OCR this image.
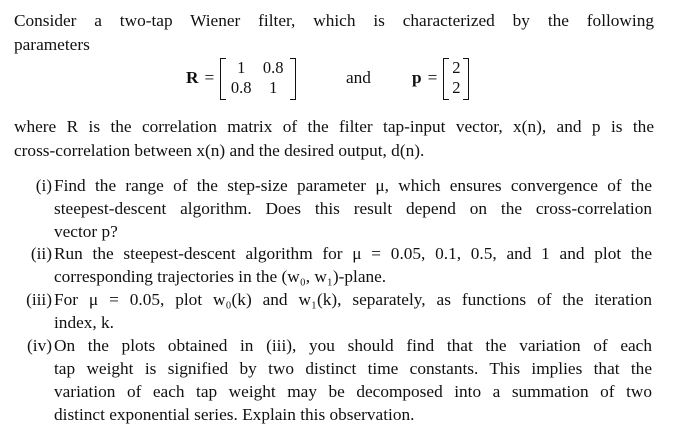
Consider a two-tap Wiener filter, which is characterized by the following
parameters
R =
1	0.8
0.8	1
and p =
2
2
where R is the correlation matrix of the filter tap-input vector, x(n), and p is the
cross-correlation between x(n) and the desired output, d(n).
(i) Find the range of the step-size parameter μ, which ensures convergence of the
steepest-descent algorithm. Does this result depend on the cross-correlation
vector p?
(ii) Run the steepest-descent algorithm for μ = 0.05, 0.1, 0.5, and 1 and plot the
corresponding trajectories in the (w₀, w₁)-plane.
(iii) For μ = 0.05, plot w₀(k) and w₁(k), separately, as functions of the iteration
index, k.
(iv) On the plots obtained in (iii), you should find that the variation of each
tap weight is signified by two distinct time constants. This implies that the
variation of each tap weight may be decomposed into a summation of two
distinct exponential series. Explain this observation.
